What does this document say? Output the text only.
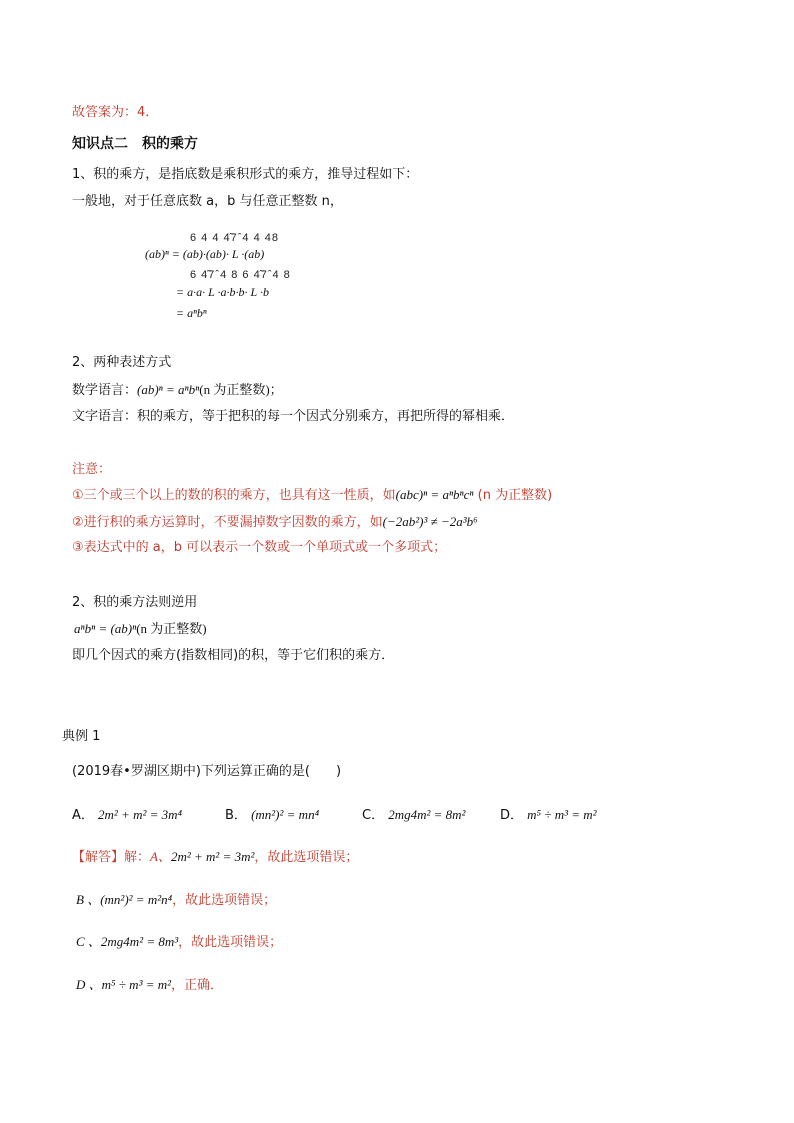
故答案为：4．
知识点二　积的乘方
1、积的乘方，是指底数是乘积形式的乘方，推导过程如下：
一般地，对于任意底数 a，b 与任意正整数 n，
6 4 4 4̃7ˆ4 4 48
(ab)ⁿ = (ab)·(ab)· L ·(ab)
6 4̃7ˆ4 8 6 4̃7ˆ4 8
= a·a· L ·a·b·b· L ·b
= aⁿbⁿ
2、两种表述方式
数学语言：(ab)ⁿ = aⁿbⁿ(n 为正整数)；
文字语言：积的乘方，等于把积的每一个因式分别乘方，再把所得的幂相乘．
注意：
①三个或三个以上的数的积的乘方，也具有这一性质，如(abc)ⁿ = aⁿbⁿcⁿ (n 为正整数)
②进行积的乘方运算时，不要漏掉数字因数的乘方，如(−2ab²)³ ≠ −2a³b⁶
③表达式中的 a，b 可以表示一个数或一个单项式或一个多项式；
2、积的乘方法则逆用
aⁿbⁿ = (ab)ⁿ(n 为正整数)
即几个因式的乘方(指数相同)的积，等于它们积的乘方．
典例 1
(2019春•罗湖区期中)下列运算正确的是(　　)
A． 2m² + m² = 3m⁴	B． (mn²)² = mn⁴	C． 2mg4m² = 8m²	D． m⁵ ÷ m³ = m²
【解答】解：A、2m² + m² = 3m²，故此选项错误；
B 、(mn²)² = m²n⁴，故此选项错误；
C 、2mg4m² = 8m³，故此选项错误；
D 、m⁵ ÷ m³ = m²，正确．
